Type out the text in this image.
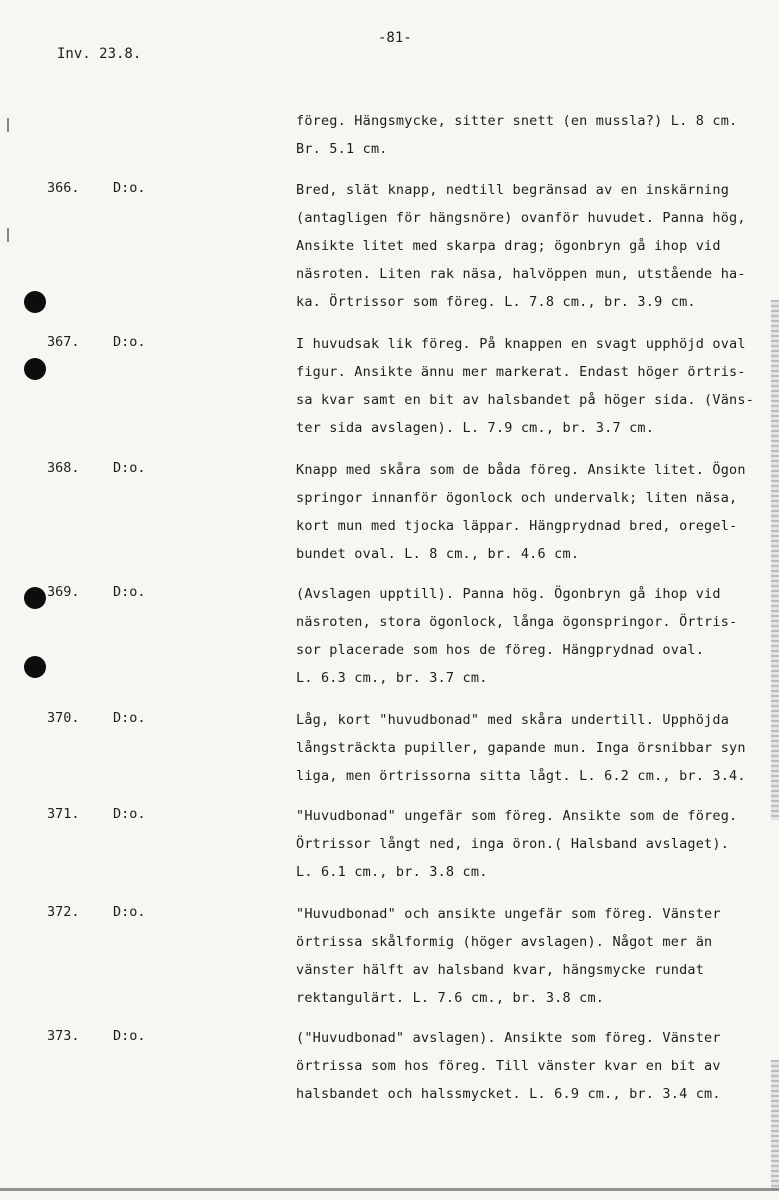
-81-
Inv. 23.8.
föreg. Hängsmycke, sitter snett (en mussla?) L. 8 cm.
Br. 5.1 cm.
366. D:o.	Bred, slät knapp, nedtill begränsad av en inskärning
(antagligen för hängsnöre) ovanför huvudet. Panna hög,
Ansikte litet med skarpa drag; ögonbryn gå ihop vid
näsroten. Liten rak näsa, halvöppen mun, utstående ha-
ka. Örtrissor som föreg. L. 7.8 cm., br. 3.9 cm.
367. D:o.	I huvudsak lik föreg. På knappen en svagt upphöjd oval
figur. Ansikte ännu mer markerat. Endast höger örtris-
sa kvar samt en bit av halsbandet på höger sida. (Väns-
ter sida avslagen). L. 7.9 cm., br. 3.7 cm.
368. D:o.	Knapp med skåra som de båda föreg. Ansikte litet. Ögon
springor innanför ögonlock och undervalk; liten näsa,
kort mun med tjocka läppar. Hängprydnad bred, oregel-
bundet oval. L. 8 cm., br. 4.6 cm.
369. D:o.	(Avslagen upptill). Panna hög. Ögonbryn gå ihop vid
näsroten, stora ögonlock, långa ögonspringor. Örtris-
sor placerade som hos de föreg. Hängprydnad oval.
L. 6.3 cm., br. 3.7 cm.
370. D:o.	Låg, kort "huvudbonad" med skåra undertill. Upphöjda
långsträckta pupiller, gapande mun. Inga örsnibbar syn
liga, men örtrissorna sitta lågt. L. 6.2 cm., br. 3.4.
371. D:o.	"Huvudbonad" ungefär som föreg. Ansikte som de föreg.
Örtrissor långt ned, inga öron.( Halsband avslaget).
L. 6.1 cm., br. 3.8 cm.
372. D:o.	"Huvudbonad" och ansikte ungefär som föreg. Vänster
örtrissa skålformig (höger avslagen). Något mer än
vänster hälft av halsband kvar, hängsmycke rundat
rektangulärt. L. 7.6 cm., br. 3.8 cm.
373. D:o.	("Huvudbonad" avslagen). Ansikte som föreg. Vänster
örtrissa som hos föreg. Till vänster kvar en bit av
halsbandet och halssmycket. L. 6.9 cm., br. 3.4 cm.
